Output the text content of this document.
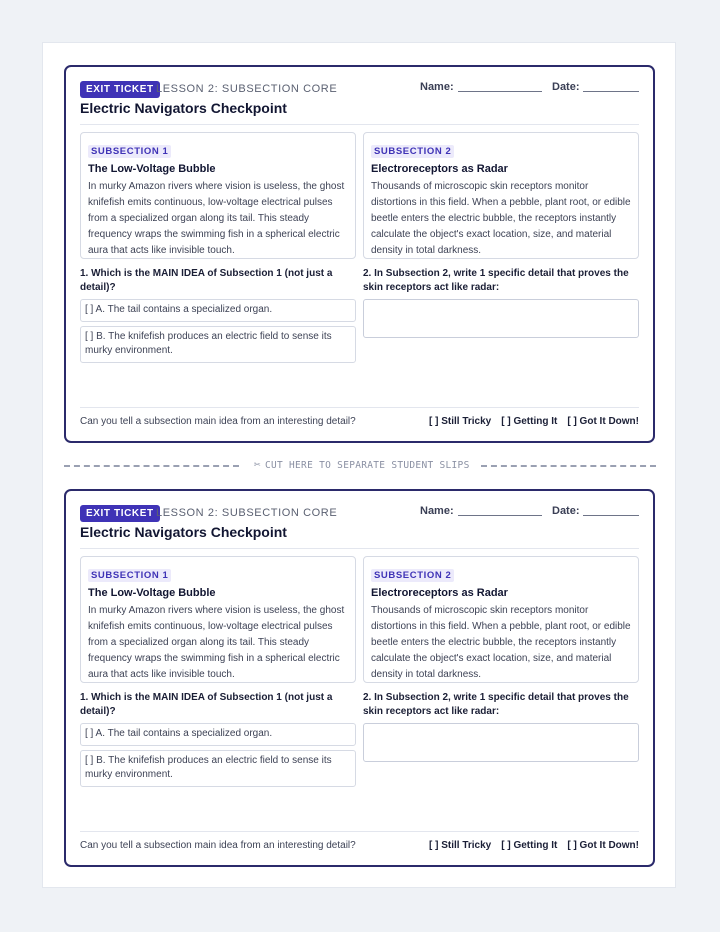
EXIT TICKET LESSON 2: SUBSECTION CORE
Electric Navigators Checkpoint
Name:	Date:
SUBSECTION 1
The Low-Voltage Bubble
In murky Amazon rivers where vision is useless, the ghost knifefish emits continuous, low-voltage electrical pulses from a specialized organ along its tail. This steady frequency wraps the swimming fish in a spherical electric aura that acts like invisible touch.
SUBSECTION 2
Electroreceptors as Radar
Thousands of microscopic skin receptors monitor distortions in this field. When a pebble, plant root, or edible beetle enters the electric bubble, the receptors instantly calculate the object's exact location, size, and material density in total darkness.
1. Which is the MAIN IDEA of Subsection 1 (not just a detail)?
[ ] A. The tail contains a specialized organ.
[ ] B. The knifefish produces an electric field to sense its murky environment.
2. In Subsection 2, write 1 specific detail that proves the skin receptors act like radar:
Can you tell a subsection main idea from an interesting detail?	[ ] Still Tricky [ ] Getting It [ ] Got It Down!
✂ CUT HERE TO SEPARATE STUDENT SLIPS
EXIT TICKET LESSON 2: SUBSECTION CORE
Electric Navigators Checkpoint
Name:	Date:
SUBSECTION 1
The Low-Voltage Bubble
In murky Amazon rivers where vision is useless, the ghost knifefish emits continuous, low-voltage electrical pulses from a specialized organ along its tail. This steady frequency wraps the swimming fish in a spherical electric aura that acts like invisible touch.
SUBSECTION 2
Electroreceptors as Radar
Thousands of microscopic skin receptors monitor distortions in this field. When a pebble, plant root, or edible beetle enters the electric bubble, the receptors instantly calculate the object's exact location, size, and material density in total darkness.
1. Which is the MAIN IDEA of Subsection 1 (not just a detail)?
[ ] A. The tail contains a specialized organ.
[ ] B. The knifefish produces an electric field to sense its murky environment.
2. In Subsection 2, write 1 specific detail that proves the skin receptors act like radar:
Can you tell a subsection main idea from an interesting detail?	[ ] Still Tricky [ ] Getting It [ ] Got It Down!
